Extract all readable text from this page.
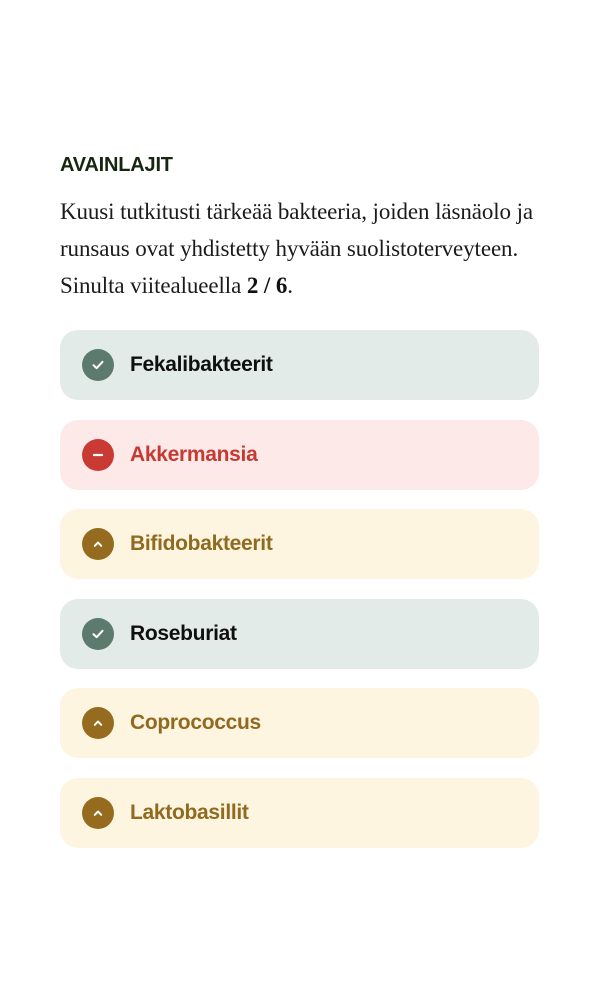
AVAINLAJIT

Kuusi tutkitusti tärkeää bakteeria, joiden läsnäolo ja runsaus ovat yhdistetty hyvään suolistoterveyteen. Sinulta viitealueella 2 / 6.

Fekalibakteerit
Akkermansia
Bifidobakteerit
Roseburiat
Coprococcus
Laktobasillit
